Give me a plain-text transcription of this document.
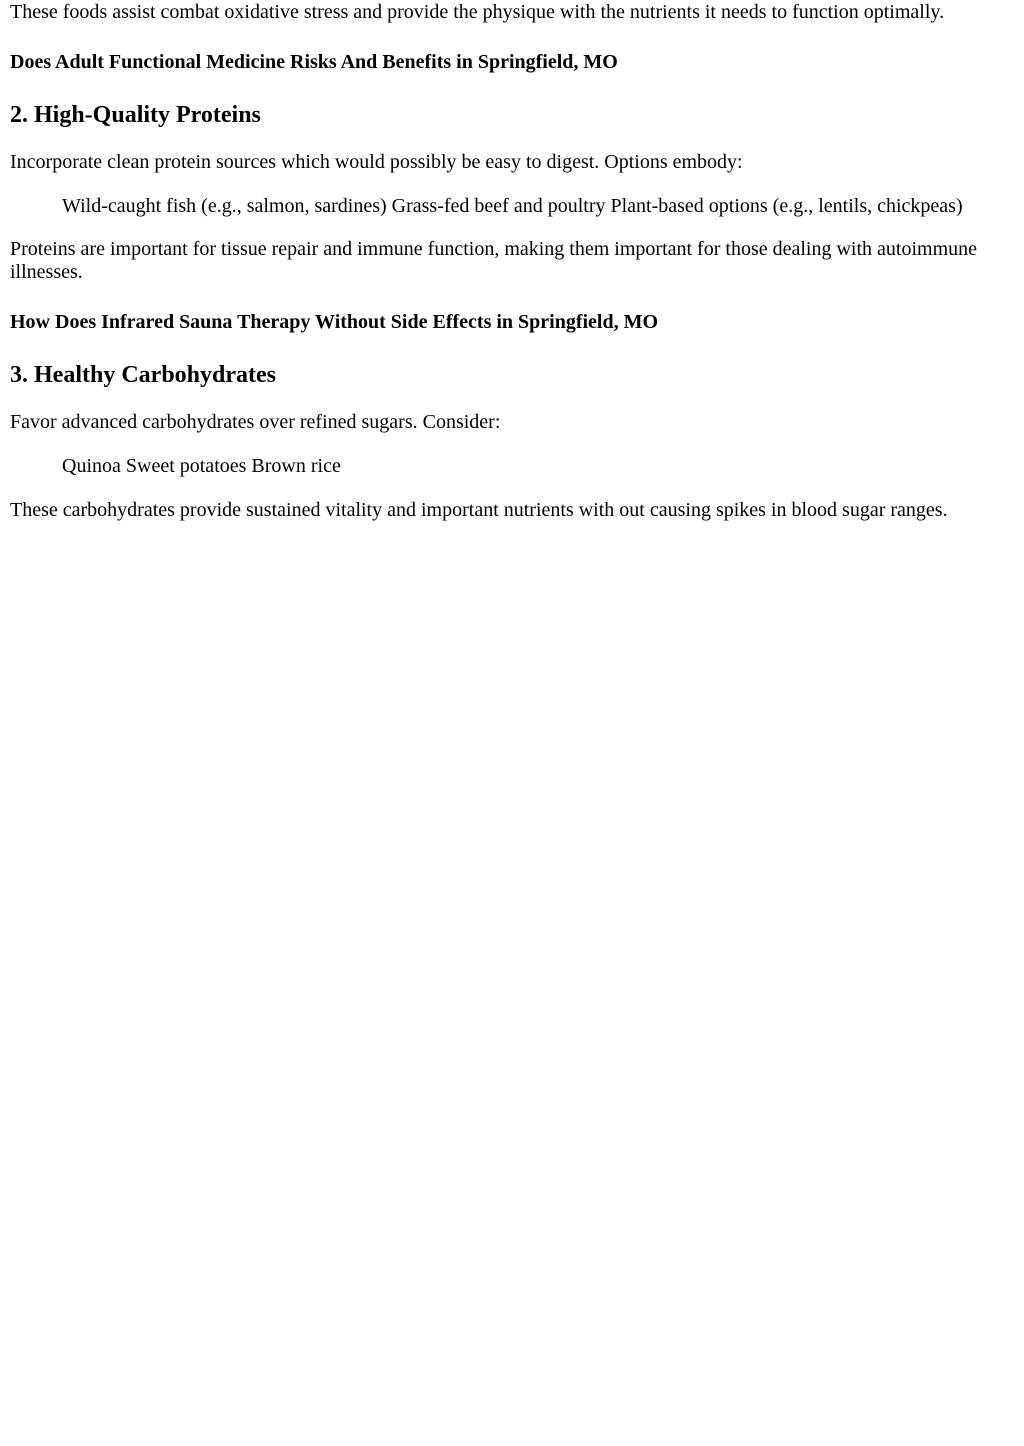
These foods assist combat oxidative stress and provide the physique with the nutrients it needs to function optimally.

Does Adult Functional Medicine Risks And Benefits in Springfield, MO
2. High-Quality Proteins

Incorporate clean protein sources which would possibly be easy to digest. Options embody:

Wild-caught fish (e.g., salmon, sardines) Grass-fed beef and poultry Plant-based options (e.g., lentils, chickpeas)

Proteins are important for tissue repair and immune function, making them important for those dealing with autoimmune illnesses.

How Does Infrared Sauna Therapy Without Side Effects in Springfield, MO
3. Healthy Carbohydrates

Favor advanced carbohydrates over refined sugars. Consider:

Quinoa Sweet potatoes Brown rice

These carbohydrates provide sustained vitality and important nutrients with out causing spikes in blood sugar ranges.
